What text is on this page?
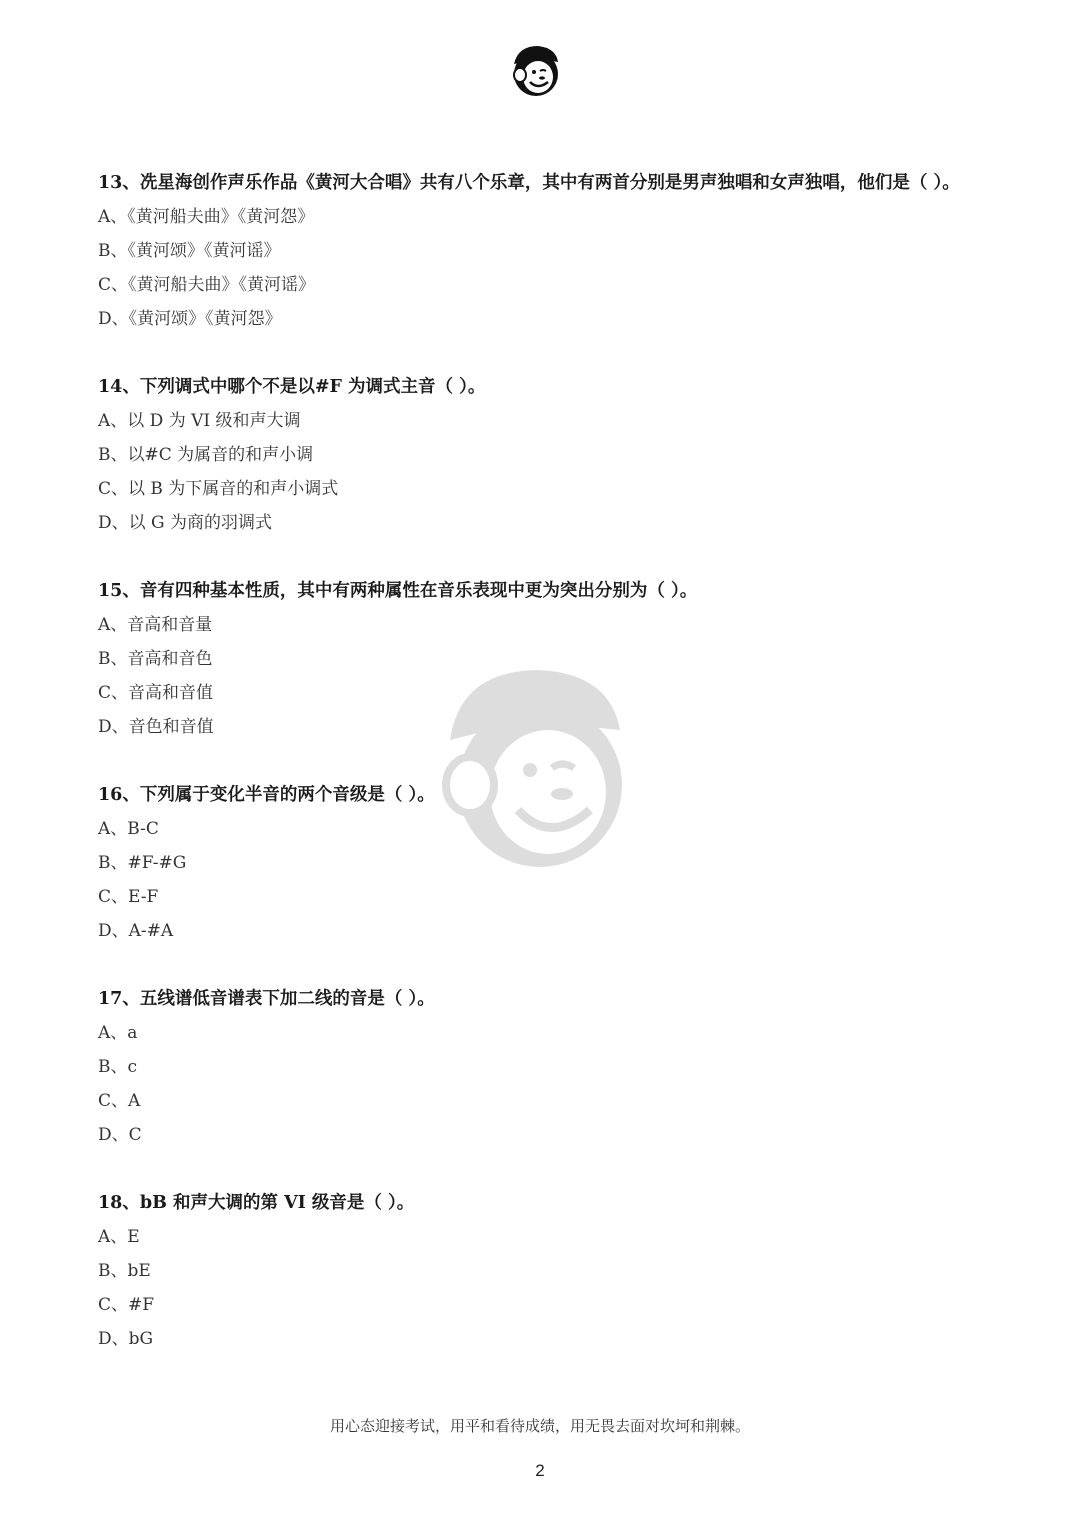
13、冼星海创作声乐作品《黄河大合唱》共有八个乐章，其中有两首分别是男声独唱和女声独唱，他们是（ ）。
A、《黄河船夫曲》《黄河怨》
B、《黄河颂》《黄河谣》
C、《黄河船夫曲》《黄河谣》
D、《黄河颂》《黄河怨》
14、下列调式中哪个不是以#F 为调式主音（ ）。
A、以 D 为 VI 级和声大调
B、以#C 为属音的和声小调
C、以 B 为下属音的和声小调式
D、以 G 为商的羽调式
15、音有四种基本性质，其中有两种属性在音乐表现中更为突出分别为（ ）。
A、音高和音量
B、音高和音色
C、音高和音值
D、音色和音值
16、下列属于变化半音的两个音级是（ ）。
A、B-C
B、#F-#G
C、E-F
D、A-#A
17、五线谱低音谱表下加二线的音是（ ）。
A、a
B、c
C、A
D、C
18、bB 和声大调的第 VI 级音是（ ）。
A、E
B、bE
C、#F
D、bG
用心态迎接考试，用平和看待成绩，用无畏去面对坎坷和荆棘。
2
